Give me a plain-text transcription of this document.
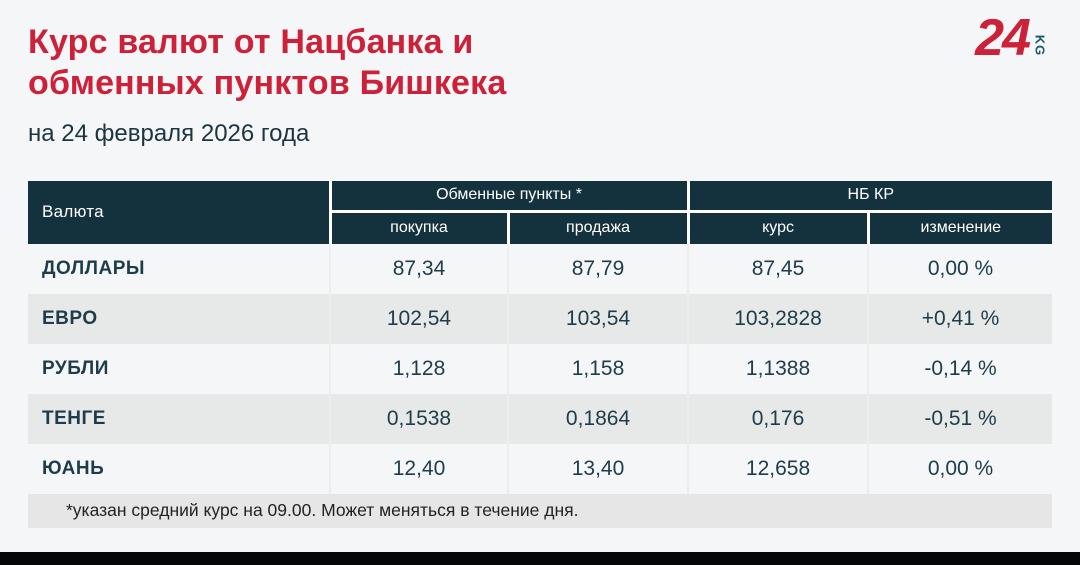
24 KG
Курс валют от Нацбанка и
обменных пунктов Бишкека
на 24 февраля 2026 года
Валюта	Обменные пункты *		НБ КР	
	покупка	продажа	курс	изменение
ДОЛЛАРЫ	87,34	87,79	87,45	0,00 %
ЕВРО	102,54	103,54	103,2828	+0,41 %
РУБЛИ	1,128	1,158	1,1388	-0,14 %
ТЕНГЕ	0,1538	0,1864	0,176	-0,51 %
ЮАНЬ	12,40	13,40	12,658	0,00 %
*указан средний курс на 09.00. Может меняться в течение дня.
